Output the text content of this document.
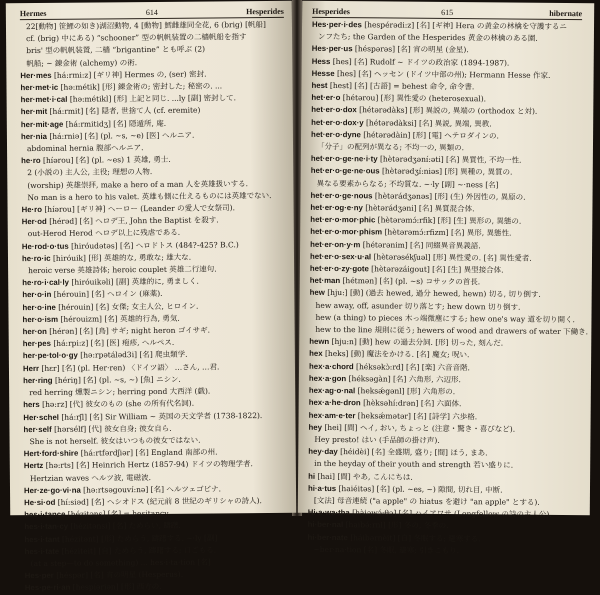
Hermes	614	Hesperides
22[動物] 笹鯉の如き)湖沼動物, 4 [動物] 鱈雌雄同全花, 6 (brig) [帆船]
cf. (brig) 中にある) “schooner” 型の帆帆装置の二檣帆船を指す
bris' 型の帆帆装置, 二檣 “brigantine” とも呼ぶ (2)
帆船; ~ 錬金術 (alchemy) の術.
Her·mes [há:rmi:z] [ギリ神] Hermes の, (ser) 密封.
her·met·ic [hə:métik] [形] 錬金術の; 密封した; 秘密の. ...
her·met·i·cal [hə:métikl] [形] 上記と同じ. ...ly [副] 密封して.
her·mit [há:rmit] [名] 隠者, 世捨て人 (cf. eremite)
her·mit·age [há:rmitidʒ] [名] 隠遁所, 庵.
her·nia [há:rniə] [名] (pl. ~s, ~e) [医] ヘルニア.
abdominal hernia 腹部ヘルニア.
he·ro [híərou] [名] (pl. ~es) 1 英雄, 勇士.
2 (小説の) 主人公, 主役; 理想の人物.
(worship) 英雄崇拝, make a hero of a man 人を英雄扱いする.
No man is a hero to his valet. 英雄も側に仕えるものには英雄でない.
He·ro [híərou] [ギリ神] ヘーロー (Leander の愛人で女祭司).
Her·od [hérəd] [名] ヘロデ王, John the Baptist を殺す.
out-Herod Herod ヘロデ以上に残虐である.
He·rod·o·tus [hiróudətəs] [名] ヘロドトス (484?-425? B.C.)
he·ro·ic [hiróuik] [形] 英雄的な, 勇敢な; 雄大な.
heroic verse 英雄詩体; heroic couplet 英雄二行連句.
he·ro·i·cal·ly [hiróuikəli] [副] 英雄的に, 勇ましく.
her·o·in [hérouin] [名] ヘロイン (麻薬).
her·o·ine [hérouin] [名] 女傑; 女主人公, ヒロイン.
her·o·ism [hérouizm] [名] 英雄的行為, 勇気.
her·on [hérən] [名] [鳥] サギ; night heron ゴイサギ.
her·pes [há:rpi:z] [名] [医] 疱疹, ヘルペス.
her·pe·tol·o·gy [hə:rpətáləd3i] [名] 爬虫類学.
Herr [hɛr] [名] (pl. Her·ren) 〈ドイツ語〉 …さん, …君.
her·ring [hériŋ] [名] (pl. ~s, ~) [魚] ニシン.
red herring 燻製ニシン; herring pond 大西洋 (戯).
hers [hə:rz] [代] 彼女のもの (she の所有代名詞).
Her·schel [há:rʃl] [名] Sir William ~ 英国の天文学者 (1738-1822).
her·self [hərsélf] [代] 彼女自身; 彼女自ら.
She is not herself. 彼女はいつもの彼女ではない.
Hert·ford·shire [há:rtfərdʃiər] [名] England 南部の州.
Hertz [hə:rts] [名] Heinrich Hertz (1857-94) ドイツの物理学者.
Hertzian waves ヘルツ波, 電磁波.
Her·ze·go·vi·na [hə:rtsəgouví:nə] [名] ヘルツェゴビナ.
He·si·od [hí:siəd] [名] ヘシオドス (紀元前 8 世紀のギリシャの詩人).
hes·i·tance [hézitəns] [名] = hesitancy.
hes·i·tan·cy [hézitənsi] [名] ためらい, 躊躇.
hes·i·tant [hézitənt] [形] ためらう, 躊躇する. ~·ly [副]
hes·i·tate [héziteit] [自] ためらう, 躊躇する; 口ごもる.
(at a step—to do something) ... hes·i·ta·tion [名]
Hes·per [héspər] [名] 宵の明星 (Hesperus).
Hes·pe·ri·an [hespíəriən] [形] 西方の.
Hesperides	615	hibernate
Hes·per·i·des [hespérədi:z] [名] [ギ神] Hera の黄金の林檎を守護するニ
ンフたち; the Garden of the Hesperides 黄金の林檎のある園.
Hes·per·us [héspərəs] [名] 宵の明星 (金星).
Hess [hes] [名] Rudolf ~ ドイツの政治家 (1894-1987).
Hesse [hes] [名] ヘッセン (ドイツ中部の州); Hermann Hesse 作家.
hest [hest] [名] [古語] = behest 命令, 命令書.
het·er·o [hétərou] [形] 異性愛の (heterosexual).
het·er·o·dox [hétərədàks] [形] 異説の, 異端の (orthodox と対).
het·er·o·dox·y [hétərədàksi] [名] 異説, 異端, 異教.
het·er·o·dyne [hétərədàin] [形] [電] ヘテロダインの.
「分子」の配列が異なる; 不均一の, 異類の.
het·er·o·ge·ne·i·ty [hètərədʒəní:əti] [名] 異質性, 不均一性.
het·er·o·ge·ne·ous [hètərədʒí:niəs] [形] 異種の, 異質の.
異なる要素からなる; 不均質な. ~·ly [副] ~·ness [名]
het·er·o·ge·nous [hètərádʒənəs] [形] (生) 外因性の, 異原の.
het·er·og·e·ny [hètərádʒəni] [名] 異質混合体.
het·er·o·mor·phic [hètərəmɔ́:rfik] [形] [生] 異形の, 異態の.
het·er·o·mor·phism [hètərəmɔ́:rfizm] [名] 異形, 異態性.
het·er·on·y·m [hétərənim] [名] 同綴異音異義語.
het·er·o·sex·u·al [hètərəsékʃuəl] [形] 異性愛の. [名] 異性愛者.
het·er·o·zy·gote [hètərəzáigout] [名] [生] 異型接合体.
het·man [hétmən] [名] (pl. ~s) コサックの首長.
hew [hju:] [動] (過去 hewed, 過分 hewed, hewn) 切る, 切り倒す.
hew away, off, asunder 切り落とす; hew down 切り倒す.
hew (a thing) to pieces 木っ端微塵にする; hew one's way 道を切り開く.
hew to the line 規則に従う; hewers of wood and drawers of water 下働き.
hewn [hju:n] [動] hew の過去分詞. [形] 切った, 刻んだ.
hex [heks] [動] 魔法をかける. [名] 魔女; 呪い.
hex·a·chord [héksəkɔ̀:rd] [名] [楽] 六音音階.
hex·a·gon [héksəgàn] [名] 六角形, 六辺形.
hex·ag·o·nal [heksǽgənl] [形] 六角形の.
hex·a·he·dron [hèksəhí:drən] [名] 六面体.
hex·am·e·ter [heksǽmətər] [名] [詩学] 六歩格.
hey [hei] [間] ヘイ, おい, ちょっと (注意・驚き・喜びなど).
Hey presto! はい (手品師の掛け声).
hey·day [héidèi] [名] 全盛期, 盛り; [間] ほう, まあ.
in the heyday of their youth and strength 若い盛りに.
hi [hai] [間] やあ, こんにちは.
hi·a·tus [haiéitəs] [名] (pl. ~es, ~) 隙間, 切れ目, 中断.
[文法] 母音連続 ("a apple" の hiatus を避け "an apple" とする).
Hi·a·wa·tha [hàiəwɔ́:θə] [名] ハイアワサ (Longfellow の詩の主人公).
hi·ber·nal [haibə́:rnl] [形] 冬の, 冬季の.
hi·ber·nate [háibərnèit] [自] 冬眠する; 避寒する.
~ber·na·tion [名] 冬眠, 避寒; 引きこもり.
